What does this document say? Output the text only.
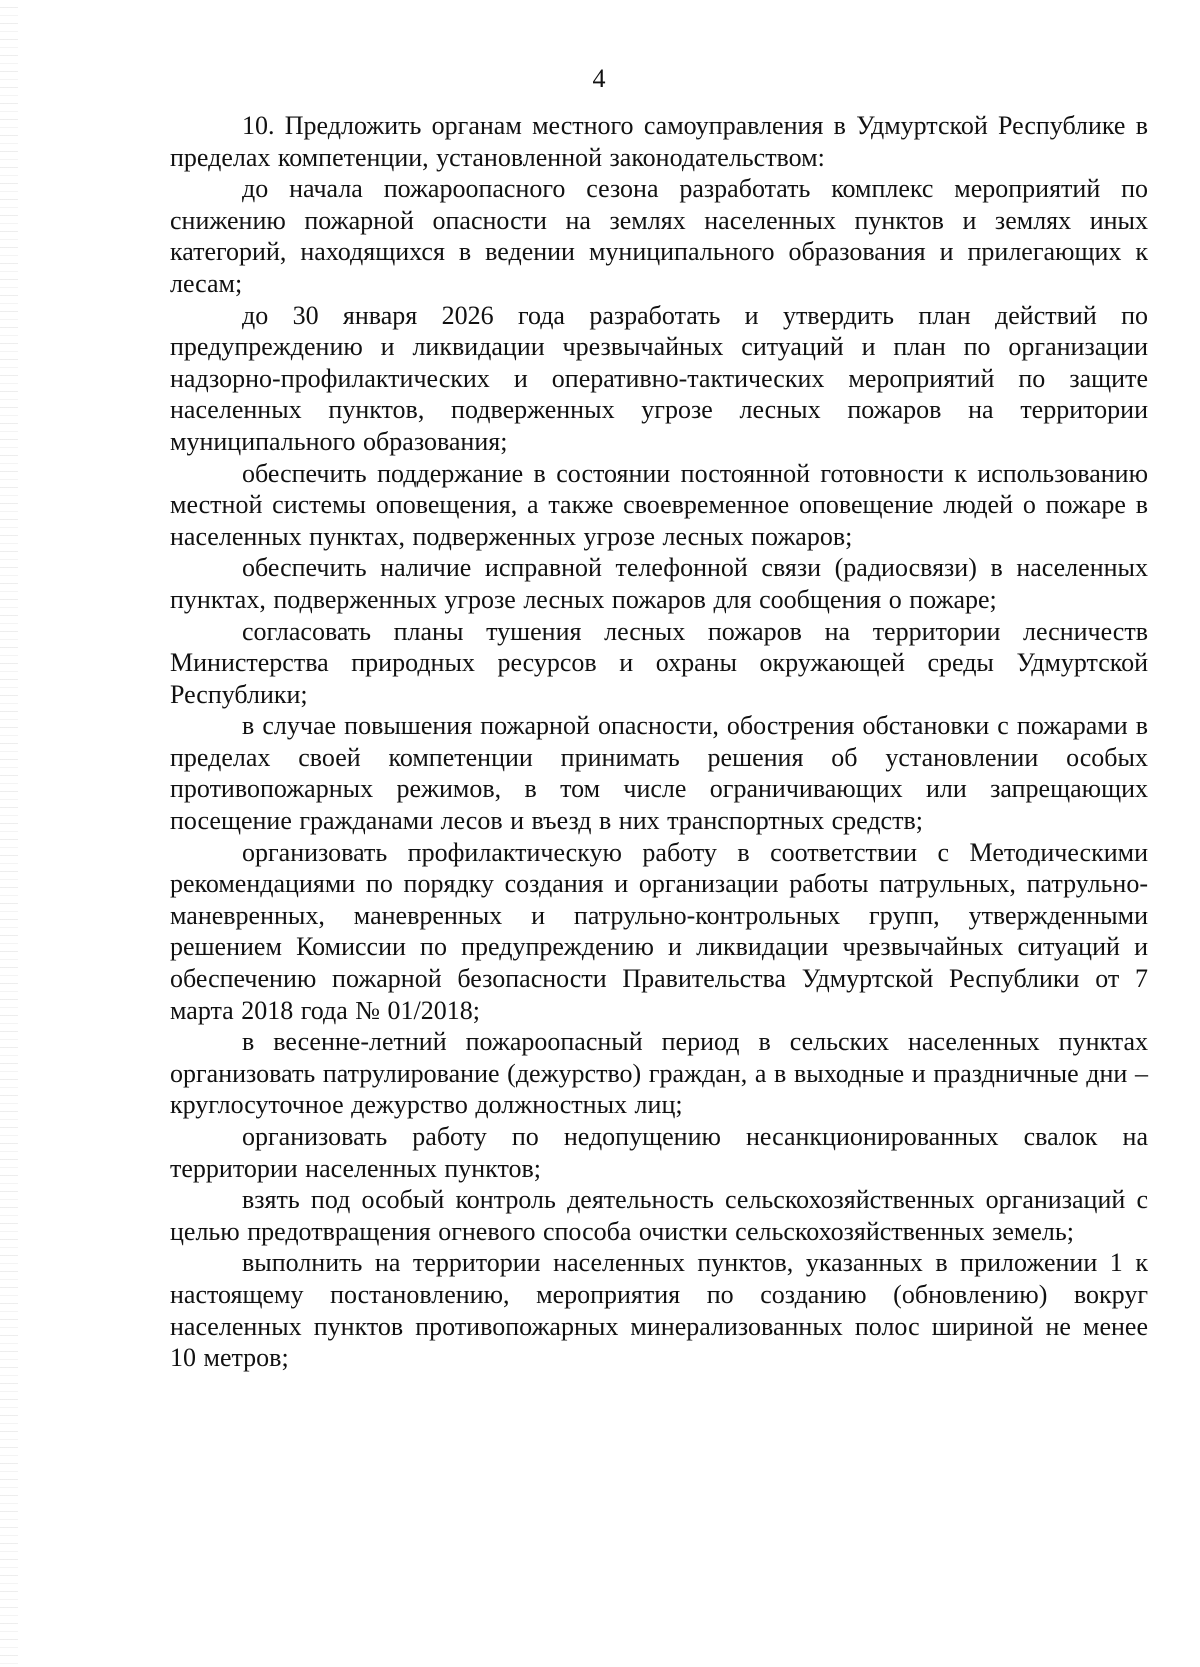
4

10. Предложить органам местного самоуправления в Удмуртской Республике в пределах компетенции, установленной законодательством:

до начала пожароопасного сезона разработать комплекс мероприятий по снижению пожарной опасности на землях населенных пунктов и землях иных категорий, находящихся в ведении муниципального образования и прилегающих к лесам;

до 30 января 2026 года разработать и утвердить план действий по предупреждению и ликвидации чрезвычайных ситуаций и план по организации надзорно-профилактических и оперативно-тактических мероприятий по защите населенных пунктов, подверженных угрозе лесных пожаров на территории муниципального образования;

обеспечить поддержание в состоянии постоянной готовности к использованию местной системы оповещения, а также своевременное оповещение людей о пожаре в населенных пунктах, подверженных угрозе лесных пожаров;

обеспечить наличие исправной телефонной связи (радиосвязи) в населенных пунктах, подверженных угрозе лесных пожаров для сообщения о пожаре;

согласовать планы тушения лесных пожаров на территории лесничеств Министерства природных ресурсов и охраны окружающей среды Удмуртской Республики;

в случае повышения пожарной опасности, обострения обстановки с пожарами в пределах своей компетенции принимать решения об установлении особых противопожарных режимов, в том числе ограничивающих или запрещающих посещение гражданами лесов и въезд в них транспортных средств;

организовать профилактическую работу в соответствии с Методическими рекомендациями по порядку создания и организации работы патрульных, патрульно-маневренных, маневренных и патрульно-контрольных групп, утвержденными решением Комиссии по предупреждению и ликвидации чрезвычайных ситуаций и обеспечению пожарной безопасности Правительства Удмуртской Республики от 7 марта 2018 года № 01/2018;

в весенне-летний пожароопасный период в сельских населенных пунктах организовать патрулирование (дежурство) граждан, а в выходные и праздничные дни – круглосуточное дежурство должностных лиц;

организовать работу по недопущению несанкционированных свалок на территории населенных пунктов;

взять под особый контроль деятельность сельскохозяйственных организаций с целью предотвращения огневого способа очистки сельскохозяйственных земель;

выполнить на территории населенных пунктов, указанных в приложении 1 к настоящему постановлению, мероприятия по созданию (обновлению) вокруг населенных пунктов противопожарных минерализованных полос шириной не менее 10 метров;
